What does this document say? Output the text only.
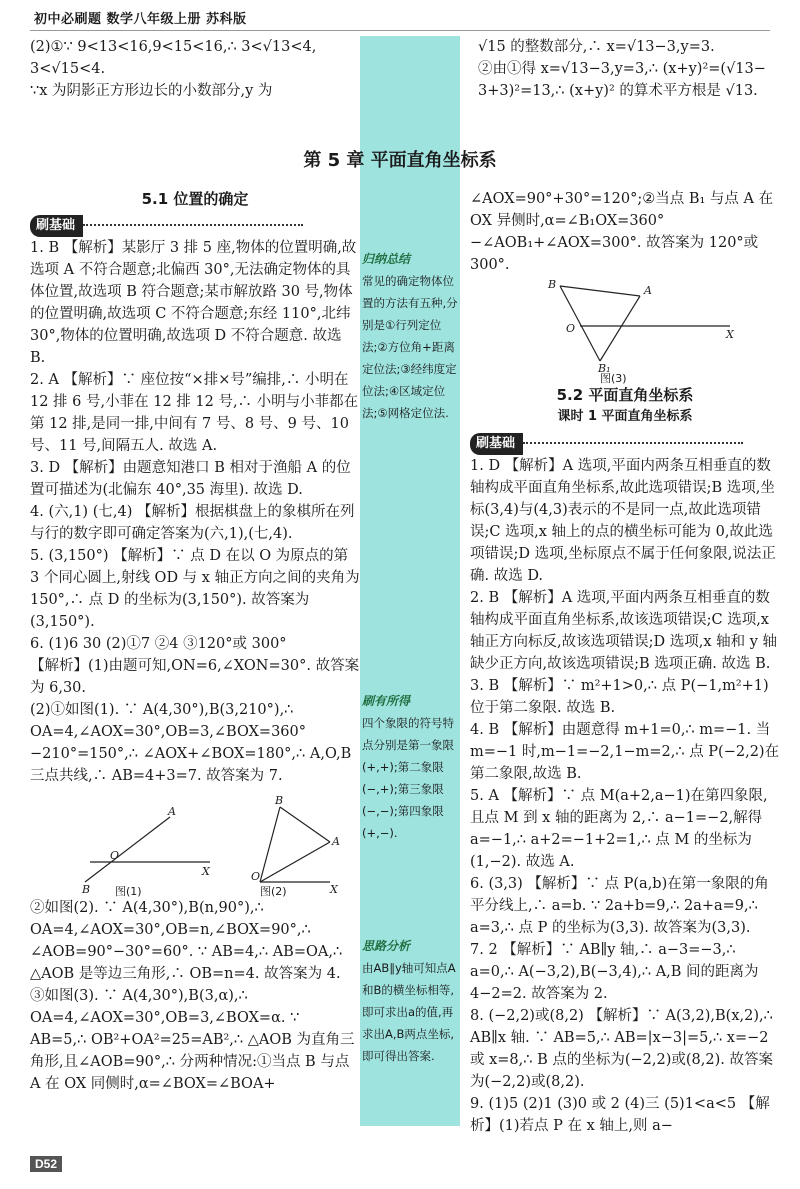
初中必刷题 数学八年级上册 苏科版

(2)①∵ 9<13<16,9<15<16,∴ 3<√13<4,

3<√15<4.

∵x 为阴影正方形边长的小数部分,y 为

√15 的整数部分,∴ x=√13−3,y=3.

②由①得 x=√13−3,y=3,∴ (x+y)²=(√13−

3+3)²=13,∴ (x+y)² 的算术平方根是 √13.

第 5 章 平面直角坐标系

5.1 位置的确定

刷基础

1. B 【解析】某影厅 3 排 5 座,物体的位置明确,故选项 A 不符合题意;北偏西 30°,无法确定物体的具体位置,故选项 B 符合题意;某市解放路 30 号,物体的位置明确,故选项 C 不符合题意;东经 110°,北纬 30°,物体的位置明确,故选项 D 不符合题意. 故选 B.

2. A 【解析】∵ 座位按“×排×号”编排,∴ 小明在 12 排 6 号,小菲在 12 排 12 号,∴ 小明与小菲都在第 12 排,是同一排,中间有 7 号、8 号、9 号、10 号、11 号,间隔五人. 故选 A.

3. D 【解析】由题意知港口 B 相对于渔船 A 的位置可描述为(北偏东 40°,35 海里). 故选 D.

4. (六,1) (七,4) 【解析】根据棋盘上的象棋所在列与行的数字即可确定答案为(六,1),(七,4).

5. (3,150°) 【解析】∵ 点 D 在以 O 为原点的第 3 个同心圆上,射线 OD 与 x 轴正方向之间的夹角为 150°,∴ 点 D 的坐标为(3,150°). 故答案为(3,150°).

6. (1)6 30 (2)①7 ②4 ③120°或 300°

【解析】(1)由题可知,ON=6,∠XON=30°. 故答案为 6,30.

(2)①如图(1). ∵ A(4,30°),B(3,210°),∴ OA=4,∠AOX=30°,OB=3,∠BOX=360°−210°=150°,∴ ∠AOX+∠BOX=180°,∴ A,O,B 三点共线,∴ AB=4+3=7. 故答案为 7.

A
O
X
B
B
A
O
X
图(1)	图(2)

②如图(2). ∵ A(4,30°),B(n,90°),∴ OA=4,∠AOX=30°,OB=n,∠BOX=90°,∴ ∠AOB=90°−30°=60°. ∵ AB=4,∴ AB=OA,∴ △AOB 是等边三角形,∴ OB=n=4. 故答案为 4.

③如图(3). ∵ A(4,30°),B(3,α),∴ OA=4,∠AOX=30°,OB=3,∠BOX=α. ∵ AB=5,∴ OB²+OA²=25=AB²,∴ △AOB 为直角三角形,且∠AOB=90°,∴ 分两种情况:①当点 B 与点 A 在 OX 同侧时,α=∠BOX=∠BOA+

归纳总结
常见的确定物体位置的方法有五种,分别是①行列定位法;②方位角+距离定位法;③经纬度定位法;④区域定位法;⑤网格定位法.
刷有所得
四个象限的符号特点分别是第一象限(+,+);第二象限(−,+);第三象限(−,−);第四象限(+,−).
思路分析
由AB∥y轴可知点A和B的横坐标相等,即可求出a的值,再求出A,B两点坐标,即可得出答案.

∠AOX=90°+30°=120°;②当点 B₁ 与点 A 在 OX 异侧时,α=∠B₁OX=360°−∠AOB₁+∠AOX=300°. 故答案为 120°或 300°.

B	A
O	X
B₁
图(3)

5.2 平面直角坐标系

课时 1 平面直角坐标系

刷基础

1. D 【解析】A 选项,平面内两条互相垂直的数轴构成平面直角坐标系,故此选项错误;B 选项,坐标(3,4)与(4,3)表示的不是同一点,故此选项错误;C 选项,x 轴上的点的横坐标可能为 0,故此选项错误;D 选项,坐标原点不属于任何象限,说法正确. 故选 D.

2. B 【解析】A 选项,平面内两条互相垂直的数轴构成平面直角坐标系,故该选项错误;C 选项,x 轴正方向标反,故该选项错误;D 选项,x 轴和 y 轴缺少正方向,故该选项错误;B 选项正确. 故选 B.

3. B 【解析】∵ m²+1>0,∴ 点 P(−1,m²+1)位于第二象限. 故选 B.

4. B 【解析】由题意得 m+1=0,∴ m=−1. 当 m=−1 时,m−1=−2,1−m=2,∴ 点 P(−2,2)在第二象限,故选 B.

5. A 【解析】∵ 点 M(a+2,a−1)在第四象限,且点 M 到 x 轴的距离为 2,∴ a−1=−2,解得 a=−1,∴ a+2=−1+2=1,∴ 点 M 的坐标为(1,−2). 故选 A.

6. (3,3) 【解析】∵ 点 P(a,b)在第一象限的角平分线上,∴ a=b. ∵ 2a+b=9,∴ 2a+a=9,∴ a=3,∴ 点 P 的坐标为(3,3). 故答案为(3,3).

7. 2 【解析】∵ AB∥y 轴,∴ a−3=−3,∴ a=0,∴ A(−3,2),B(−3,4),∴ A,B 间的距离为 4−2=2. 故答案为 2.

8. (−2,2)或(8,2) 【解析】∵ A(3,2),B(x,2),∴ AB∥x 轴. ∵ AB=5,∴ AB=|x−3|=5,∴ x=−2 或 x=8,∴ B 点的坐标为(−2,2)或(8,2). 故答案为(−2,2)或(8,2).

9. (1)5 (2)1 (3)0 或 2 (4)三 (5)1<a<5 【解析】(1)若点 P 在 x 轴上,则 a−

D52
